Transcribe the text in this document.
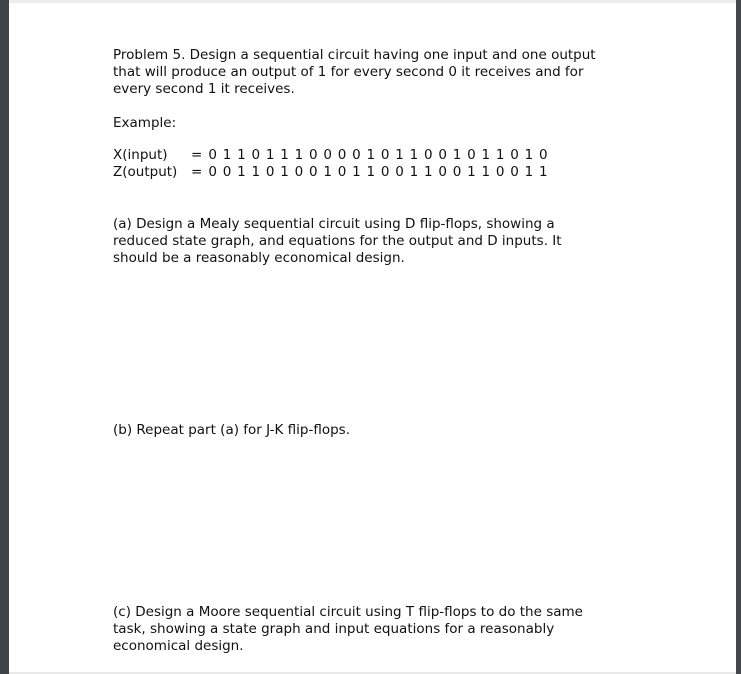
Problem 5. Design a sequential circuit having one input and one output
that will produce an output of 1 for every second 0 it receives and for
every second 1 it receives.
Example:
X(input)	= 0 1 1 0 1 1 1 0 0 0 0 1 0 1 1 0 0 1 0 1 1 0 1 0
Z(output)	= 0 0 1 1 0 1 0 0 1 0 1 1 0 0 1 1 0 0 1 1 0 0 1 1
(a) Design a Mealy sequential circuit using D flip-flops, showing a
reduced state graph, and equations for the output and D inputs. It
should be a reasonably economical design.
(b) Repeat part (a) for J-K flip-flops.
(c) Design a Moore sequential circuit using T flip-flops to do the same
task, showing a state graph and input equations for a reasonably
economical design.
